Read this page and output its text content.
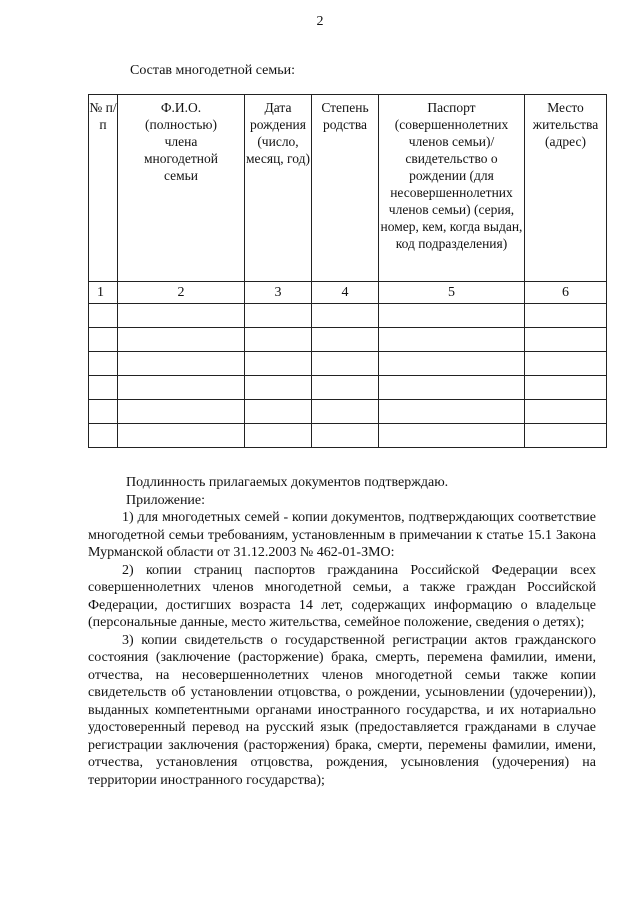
2
Состав многодетной семьи:
№ п/п	Ф.И.О. (полностью) члена многодетной семьи	Дата рождения (число, месяц, год)	Степень родства	Паспорт (совершеннолетних членов семьи)/ свидетельство о рождении (для несовершеннолетних членов семьи) (серия, номер, кем, когда выдан, код подразделения)	Место жительства (адрес)
1	2	3	4	5	6

Подлинность прилагаемых документов подтверждаю.

Приложение:

1) для многодетных семей - копии документов, подтверждающих соответствие многодетной семьи требованиям, установленным в примечании к статье 15.1 Закона Мурманской области от 31.12.2003 № 462-01-ЗМО:

2) копии страниц паспортов гражданина Российской Федерации всех совершеннолетних членов многодетной семьи, а также граждан Российской Федерации, достигших возраста 14 лет, содержащих информацию о владельце (персональные данные, место жительства, семейное положение, сведения о детях);

3) копии свидетельств о государственной регистрации актов гражданского состояния (заключение (расторжение) брака, смерть, перемена фамилии, имени, отчества, на несовершеннолетних членов многодетной семьи также копии свидетельств об установлении отцовства, о рождении, усыновлении (удочерении)), выданных компетентными органами иностранного государства, и их нотариально удостоверенный перевод на русский язык (предоставляется гражданами в случае регистрации заключения (расторжения) брака, смерти, перемены фамилии, имени, отчества, установления отцовства, рождения, усыновления (удочерения) на территории иностранного государства);
